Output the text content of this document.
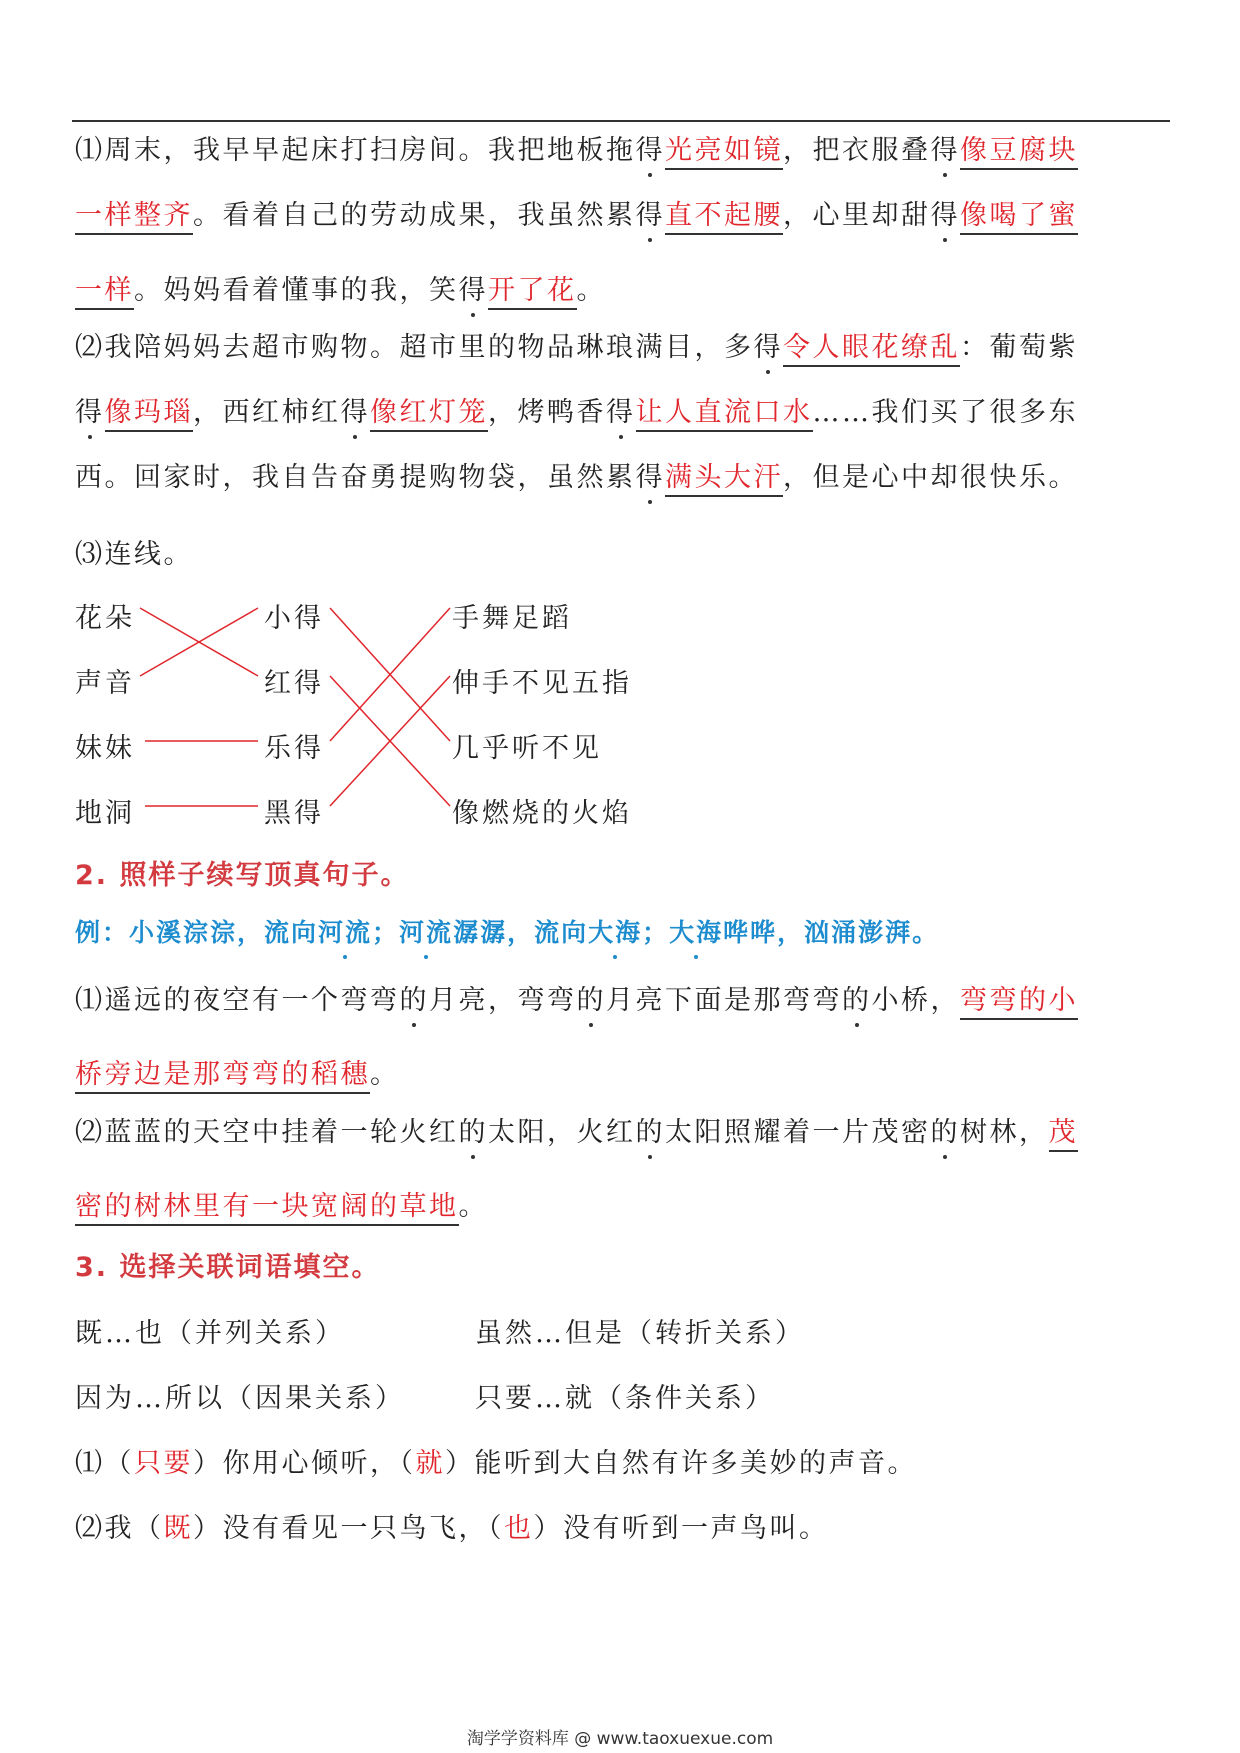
⑴周末，我早早起床打扫房间。我把地板拖得光亮如镜，把衣服叠得像豆腐块
一样整齐。看着自己的劳动成果，我虽然累得直不起腰，心里却甜得像喝了蜜
一样。妈妈看着懂事的我，笑得开了花。
⑵我陪妈妈去超市购物。超市里的物品琳琅满目，多得令人眼花缭乱：葡萄紫
得像玛瑙，西红柿红得像红灯笼，烤鸭香得让人直流口水……我们买了很多东
西。回家时，我自告奋勇提购物袋，虽然累得满头大汗，但是心中却很快乐。
⑶连线。
花朵
声音
妹妹
地洞
小得
红得
乐得
黑得
手舞足蹈
伸手不见五指
几乎听不见
像燃烧的火焰
2. 照样子续写顶真句子。
例：小溪淙淙，流向河流；河流潺潺，流向大海；大海哗哗，汹涌澎湃。
⑴遥远的夜空有一个弯弯的月亮，弯弯的月亮下面是那弯弯的小桥，弯弯的小
桥旁边是那弯弯的稻穗。
⑵蓝蓝的天空中挂着一轮火红的太阳，火红的太阳照耀着一片茂密的树林，茂
密的树林里有一块宽阔的草地。
3. 选择关联词语填空。
既…也（并列关系）	虽然…但是（转折关系）
因为…所以（因果关系）	只要…就（条件关系）
⑴（只要）你用心倾听，（就）能听到大自然有许多美妙的声音。
⑵我（既）没有看见一只鸟飞，（也）没有听到一声鸟叫。
淘学学资料库 @ www.taoxuexue.com
